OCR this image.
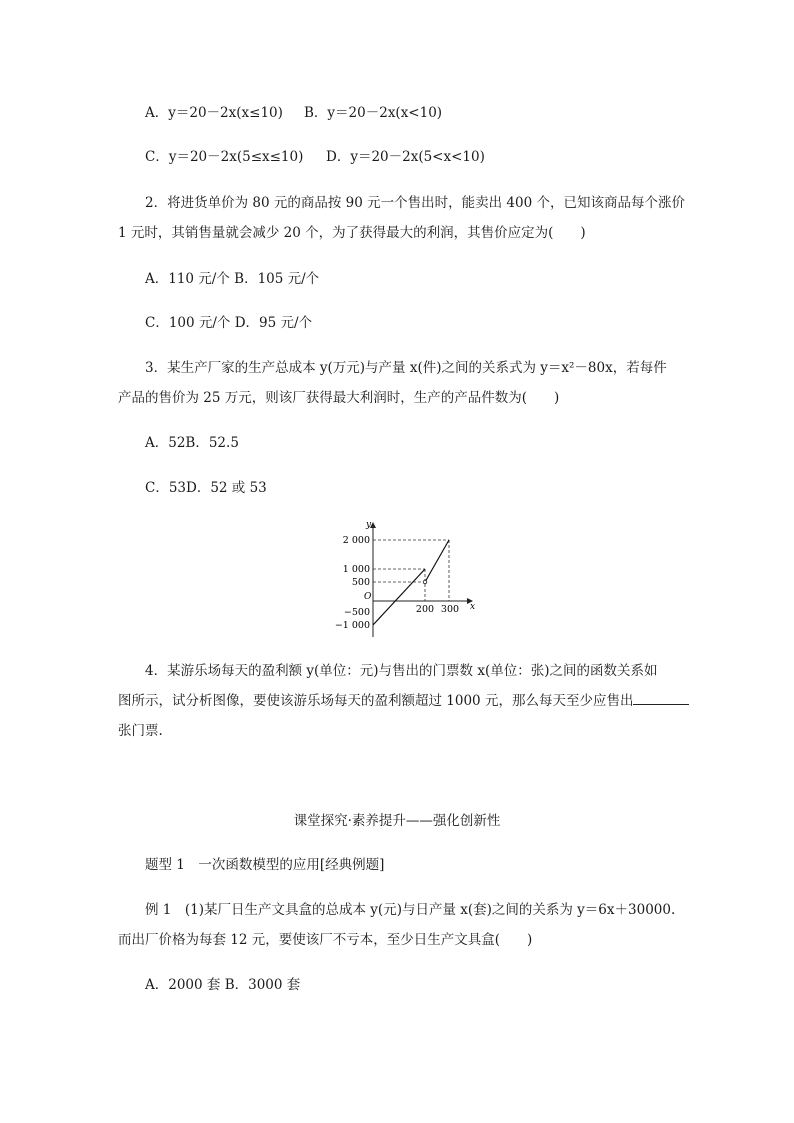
A．y＝20－2x(x≤10) B．y＝20－2x(x<10)
C．y＝20－2x(5≤x≤10) D．y＝20－2x(5<x<10)
2．将进货单价为 80 元的商品按 90 元一个售出时，能卖出 400 个，已知该商品每个涨价
1 元时，其销售量就会减少 20 个，为了获得最大的利润，其售价应定为(　　)
A．110 元/个 B．105 元/个
C．100 元/个 D．95 元/个
3．某生产厂家的生产总成本 y(万元)与产量 x(件)之间的关系式为 y＝x²－80x，若每件
产品的售价为 25 万元，则该厂获得最大利润时，生产的产品件数为(　　)
A．52B．52.5
C．53D．52 或 53
y
x
O
2 000
1 000
500
−500
−1 000
200 300
4．某游乐场每天的盈利额 y(单位：元)与售出的门票数 x(单位：张)之间的函数关系如
图所示，试分析图像，要使该游乐场每天的盈利额超过 1000 元，那么每天至少应售出
张门票.
课堂探究·素养提升——强化创新性
题型 1　一次函数模型的应用[经典例题]
例 1　(1)某厂日生产文具盒的总成本 y(元)与日产量 x(套)之间的关系为 y＝6x＋30000.
而出厂价格为每套 12 元，要使该厂不亏本，至少日生产文具盒(　　)
A．2000 套 B．3000 套
